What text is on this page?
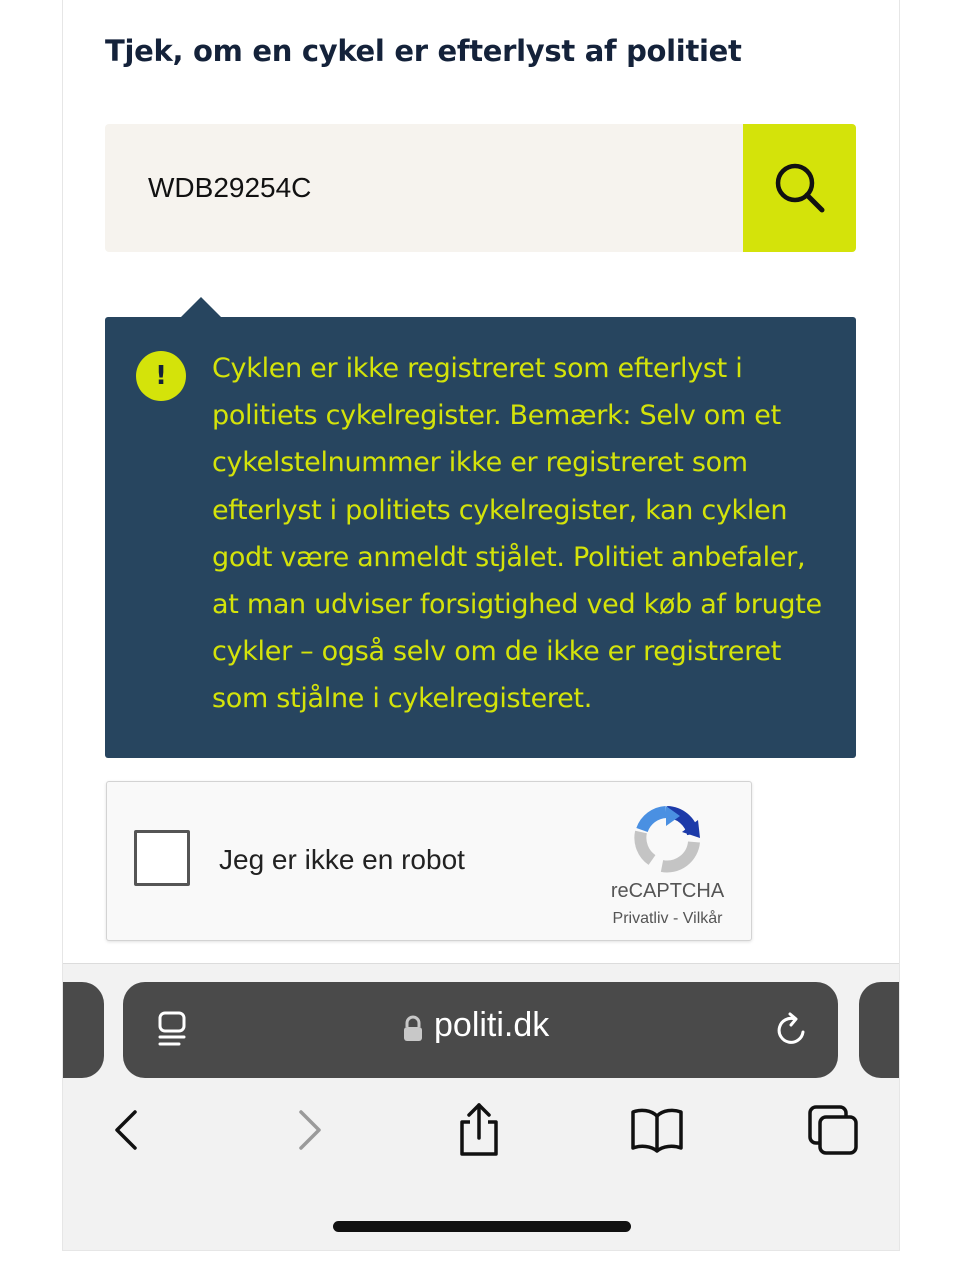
Tjek, om en cykel er efterlyst af politiet
WDB29254C
!	Cyklen er ikke registreret som efterlyst i politiets cykelregister. Bemærk: Selv om et cykelstelnummer ikke er registreret som efterlyst i politiets cykelregister, kan cyklen godt være anmeldt stjålet. Politiet anbefaler, at man udviser forsigtighed ved køb af brugte cykler – også selv om de ikke er registreret som stjålne i cykelregisteret.
Jeg er ikke en robot
reCAPTCHA
Privatliv - Vilkår
politi.dk
